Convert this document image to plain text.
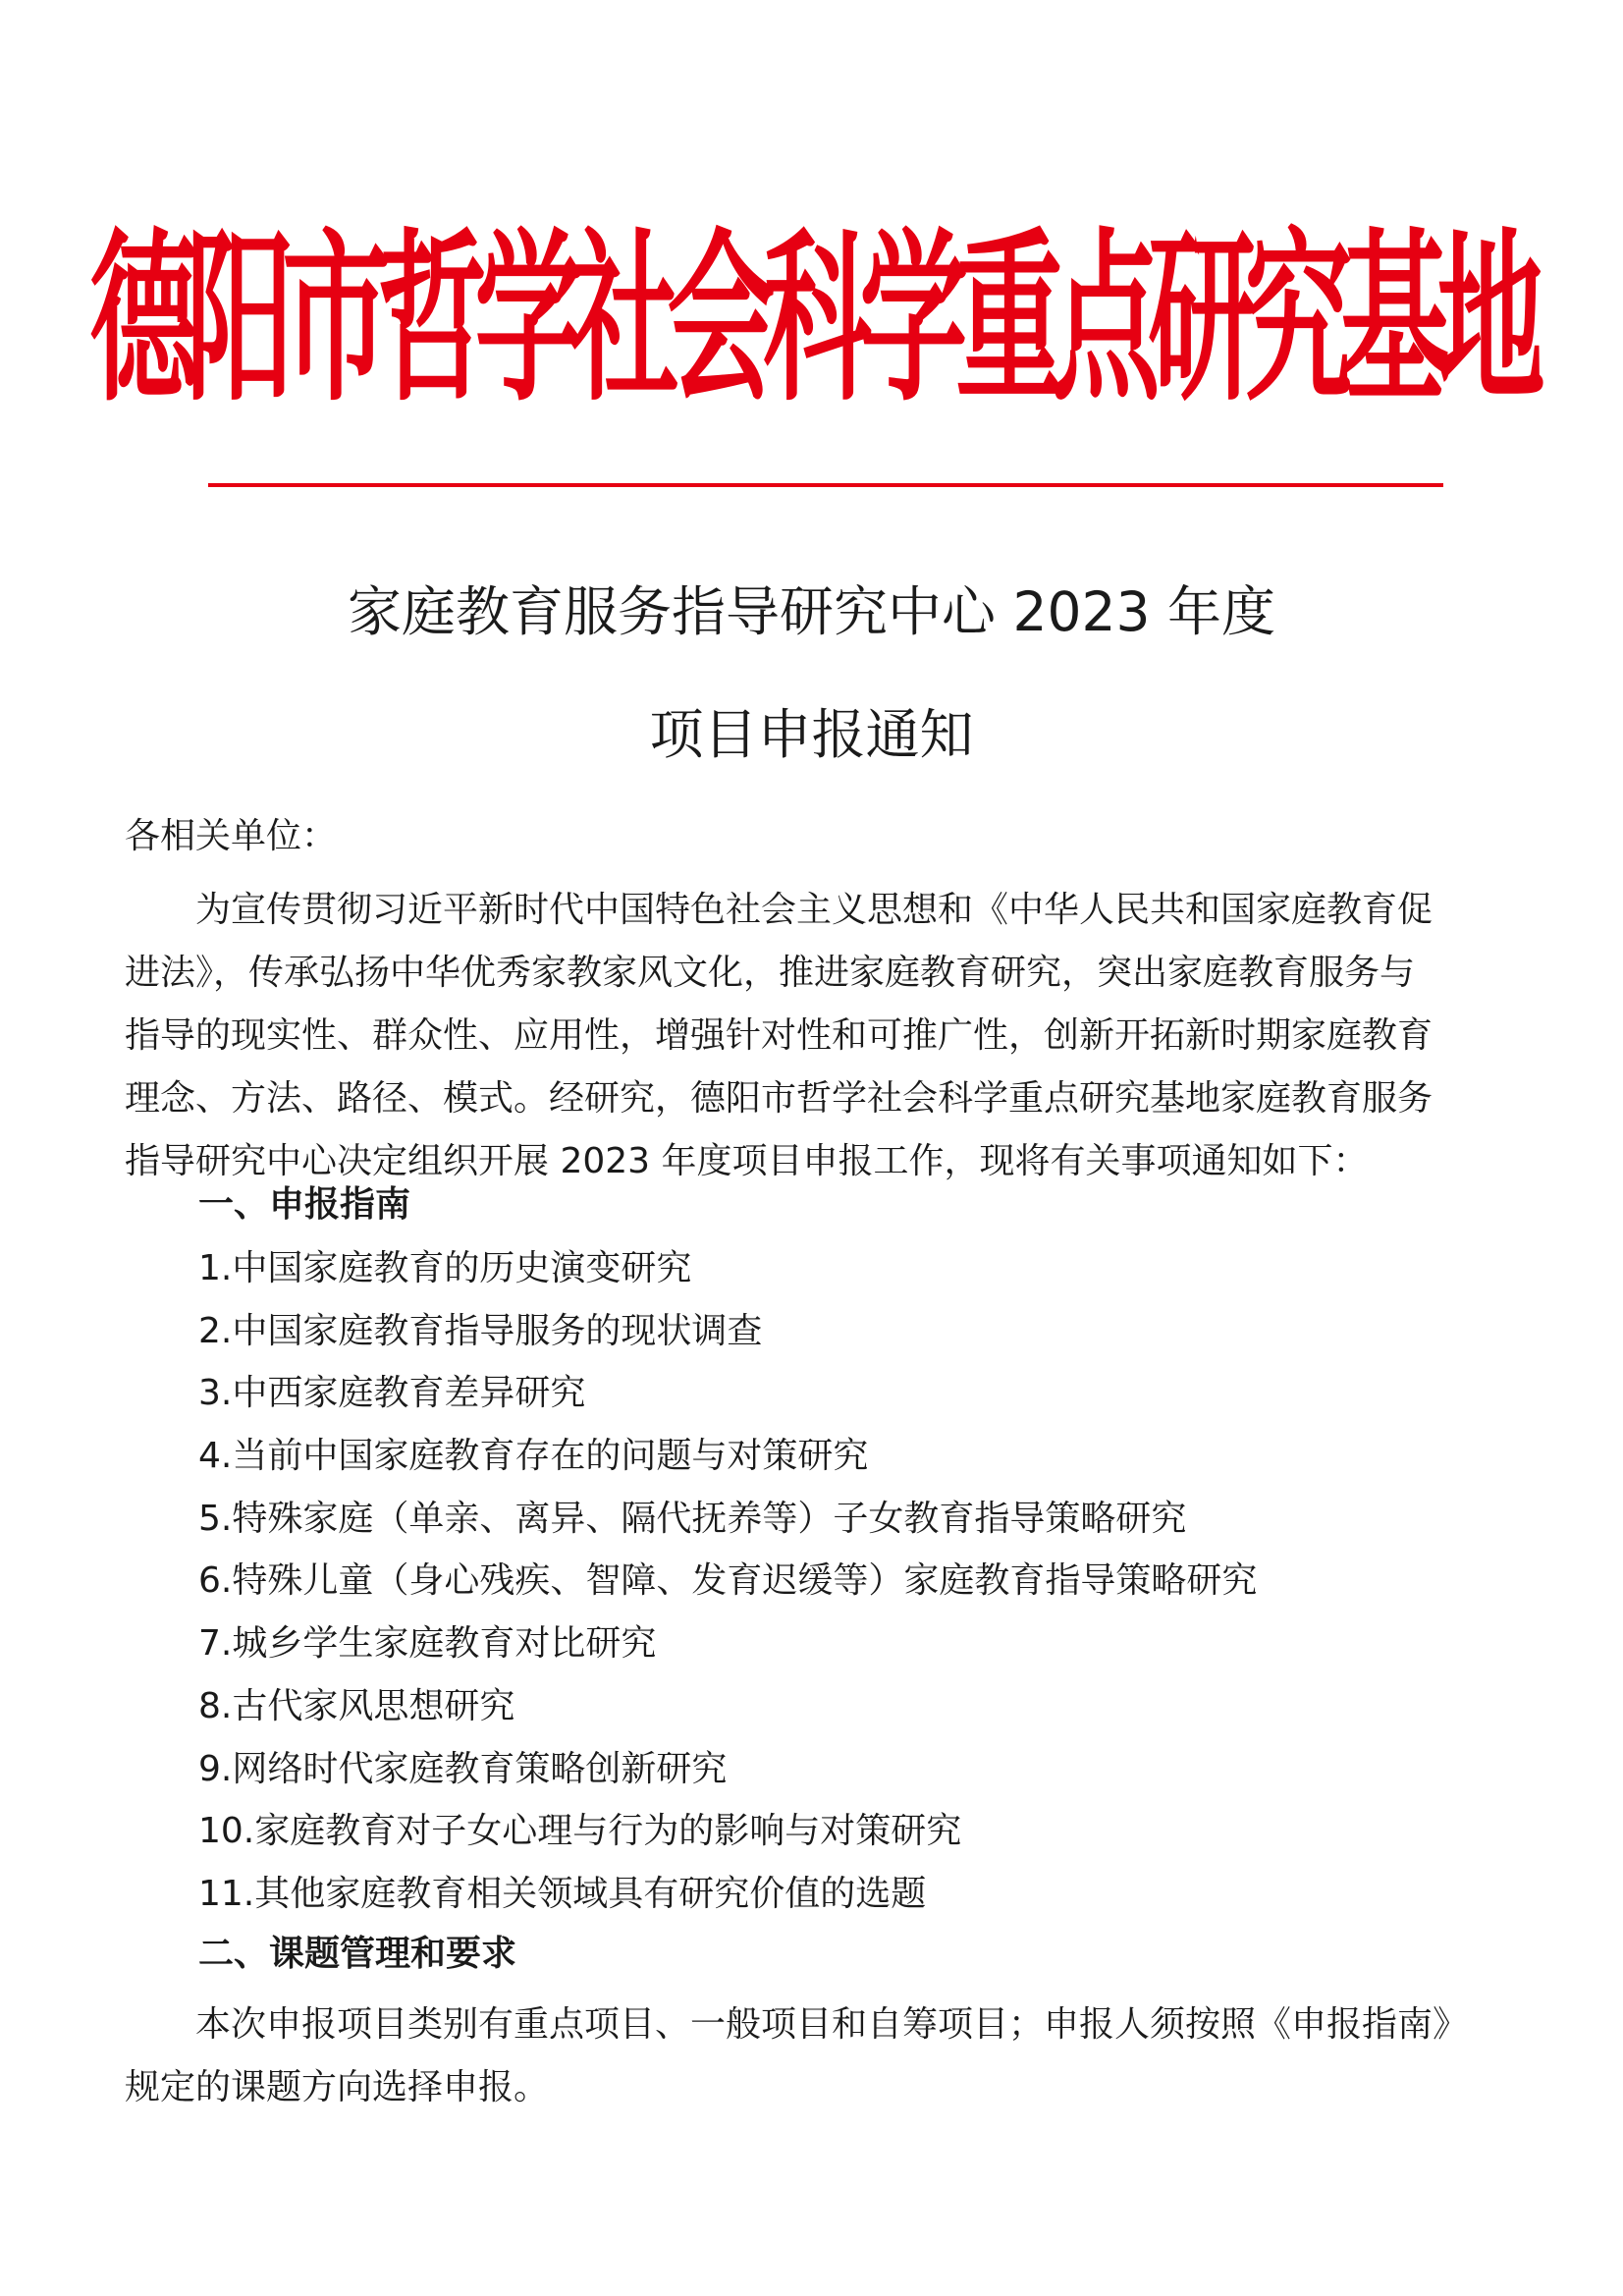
德阳市哲学社会科学重点研究基地
家庭教育服务指导研究中心 2023 年度
项目申报通知
各相关单位：
为宣传贯彻习近平新时代中国特色社会主义思想和《中华人民共和国家庭教育促
进法》，传承弘扬中华优秀家教家风文化，推进家庭教育研究，突出家庭教育服务与
指导的现实性、群众性、应用性，增强针对性和可推广性，创新开拓新时期家庭教育
理念、方法、路径、模式。经研究，德阳市哲学社会科学重点研究基地家庭教育服务
指导研究中心决定组织开展 2023 年度项目申报工作，现将有关事项通知如下：
一、申报指南
1.中国家庭教育的历史演变研究
2.中国家庭教育指导服务的现状调查
3.中西家庭教育差异研究
4.当前中国家庭教育存在的问题与对策研究
5.特殊家庭（单亲、离异、隔代抚养等）子女教育指导策略研究
6.特殊儿童（身心残疾、智障、发育迟缓等）家庭教育指导策略研究
7.城乡学生家庭教育对比研究
8.古代家风思想研究
9.网络时代家庭教育策略创新研究
10.家庭教育对子女心理与行为的影响与对策研究
11.其他家庭教育相关领域具有研究价值的选题
二、课题管理和要求
本次申报项目类别有重点项目、一般项目和自筹项目；申报人须按照《申报指南》
规定的课题方向选择申报。
